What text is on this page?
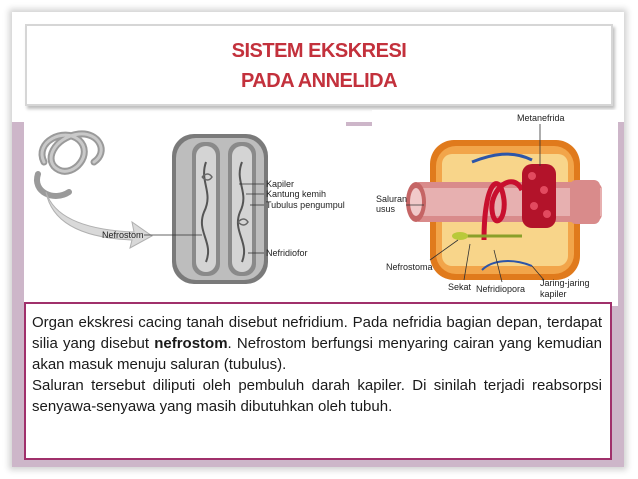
SISTEM EKSKRESI
PADA ANNELIDA
Kapiler
Kantung kemih
Tubulus pengumpul
Nefridiofor
Nefrostom
Metanefrida
Saluran
usus
Nefrostoma
Sekat Nefridiopora
Jaring-jaring
kapiler

Organ ekskresi cacing tanah disebut nefridium. Pada nefridia bagian depan, terdapat silia yang disebut nefrostom. Nefrostom berfungsi menyaring cairan yang kemudian akan masuk menuju saluran (tubulus).

Saluran tersebut diliputi oleh pembuluh darah kapiler. Di sinilah terjadi reabsorpsi senyawa-senyawa yang masih dibutuhkan oleh tubuh.
